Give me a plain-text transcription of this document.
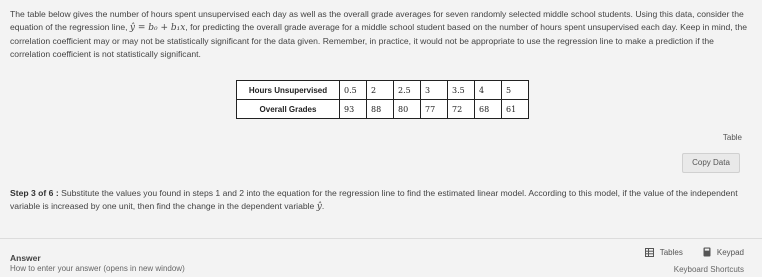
The table below gives the number of hours spent unsupervised each day as well as the overall grade averages for seven randomly selected middle school students. Using this data, consider the equation of the regression line, ŷ = b₀ + b₁x, for predicting the overall grade average for a middle school student based on the number of hours spent unsupervised each day. Keep in mind, the correlation coefficient may or may not be statistically significant for the data given. Remember, in practice, it would not be appropriate to use the regression line to make a prediction if the correlation coefficient is not statistically significant.
Hours Unsupervised	0.5	2	2.5	3	3.5	4	5
Overall Grades	93	88	80	77	72	68	61
Table
Copy Data
Step 3 of 6 : Substitute the values you found in steps 1 and 2 into the equation for the regression line to find the estimated linear model. According to this model, if the value of the independent variable is increased by one unit, then find the change in the dependent variable ŷ.
Answer
How to enter your answer (opens in new window)
Tables	Keypad
Keyboard Shortcuts
